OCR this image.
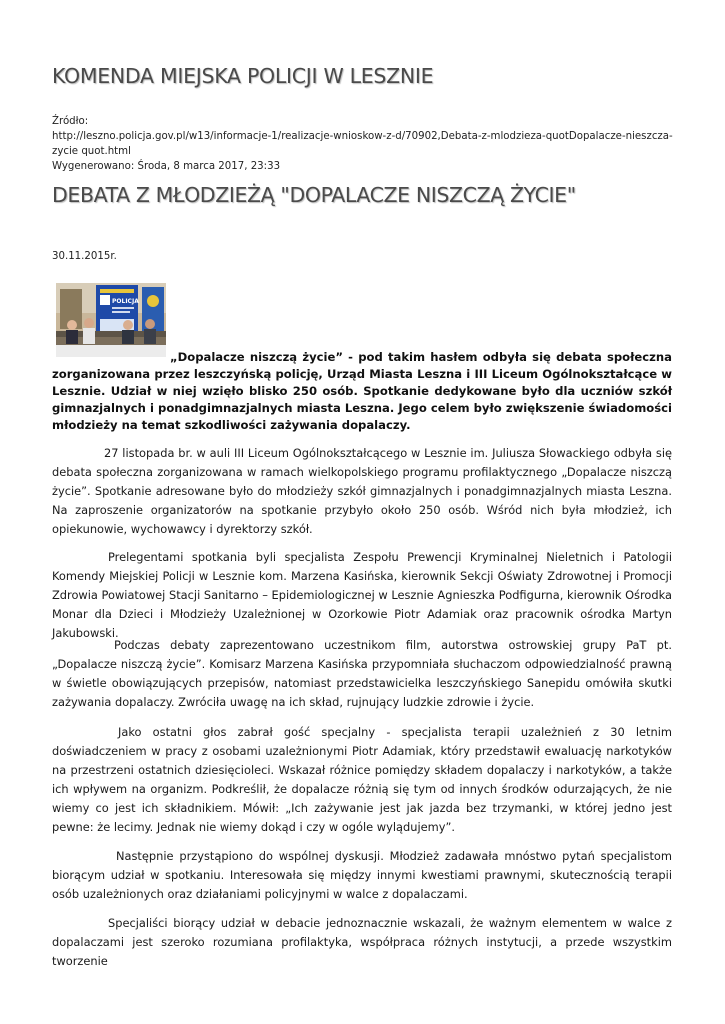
KOMENDA MIEJSKA POLICJI W LESZNIE
Źródło:
http://leszno.policja.gov.pl/w13/informacje-1/realizacje-wnioskow-z-d/70902,Debata-z-mlodzieza-quotDopalacze-nieszcza-zycie quot.html
Wygenerowano: Środa, 8 marca 2017, 23:33
DEBATA Z MŁODZIEŻĄ "DOPALACZE NISZCZĄ ŻYCIE"
30.11.2015r.
POLICJA

„Dopalacze niszczą życie” - pod takim hasłem odbyła się debata społeczna zorganizowana przez leszczyńską policję, Urząd Miasta Leszna i III Liceum Ogólnokształcące w Lesznie. Udział w niej wzięło blisko 250 osób. Spotkanie dedykowane było dla uczniów szkół gimnazjalnych i ponadgimnazjalnych miasta Leszna. Jego celem było zwiększenie świadomości młodzieży na temat szkodliwości zażywania dopalaczy.

27 listopada br. w auli III Liceum Ogólnokształcącego w Lesznie im. Juliusza Słowackiego odbyła się debata społeczna zorganizowana w ramach wielkopolskiego programu profilaktycznego „Dopalacze niszczą życie”. Spotkanie adresowane było do młodzieży szkół gimnazjalnych i ponadgimnazjalnych miasta Leszna. Na zaproszenie organizatorów na spotkanie przybyło około 250 osób. Wśród nich była młodzież, ich opiekunowie, wychowawcy i dyrektorzy szkół.

Prelegentami spotkania byli specjalista Zespołu Prewencji Kryminalnej Nieletnich i Patologii Komendy Miejskiej Policji w Lesznie kom. Marzena Kasińska, kierownik Sekcji Oświaty Zdrowotnej i Promocji Zdrowia Powiatowej Stacji Sanitarno – Epidemiologicznej w Lesznie Agnieszka Podfigurna, kierownik Ośrodka Monar dla Dzieci i Młodzieży Uzależnionej w Ozorkowie Piotr Adamiak oraz pracownik ośrodka Martyn Jakubowski.

Podczas debaty zaprezentowano uczestnikom film, autorstwa ostrowskiej grupy PaT pt. „Dopalacze niszczą życie”. Komisarz Marzena Kasińska przypomniała słuchaczom odpowiedzialność prawną w świetle obowiązujących przepisów, natomiast przedstawicielka leszczyńskiego Sanepidu omówiła skutki zażywania dopalaczy. Zwróciła uwagę na ich skład, rujnujący ludzkie zdrowie i życie.

Jako ostatni głos zabrał gość specjalny - specjalista terapii uzależnień z 30 letnim doświadczeniem w pracy z osobami uzależnionymi Piotr Adamiak, który przedstawił ewaluację narkotyków na przestrzeni ostatnich dziesięcioleci. Wskazał różnice pomiędzy składem dopalaczy i narkotyków, a także ich wpływem na organizm. Podkreślił, że dopalacze różnią się tym od innych środków odurzających, że nie wiemy co jest ich składnikiem. Mówił: „Ich zażywanie jest jak jazda bez trzymanki, w której jedno jest pewne: że lecimy. Jednak nie wiemy dokąd i czy w ogóle wylądujemy”.

Następnie przystąpiono do wspólnej dyskusji. Młodzież zadawała mnóstwo pytań specjalistom biorącym udział w spotkaniu. Interesowała się między innymi kwestiami prawnymi, skutecznością terapii osób uzależnionych oraz działaniami policyjnymi w walce z dopalaczami.

Specjaliści biorący udział w debacie jednoznacznie wskazali, że ważnym elementem w walce z dopalaczami jest szeroko rozumiana profilaktyka, współpraca różnych instytucji, a przede wszystkim tworzenie
